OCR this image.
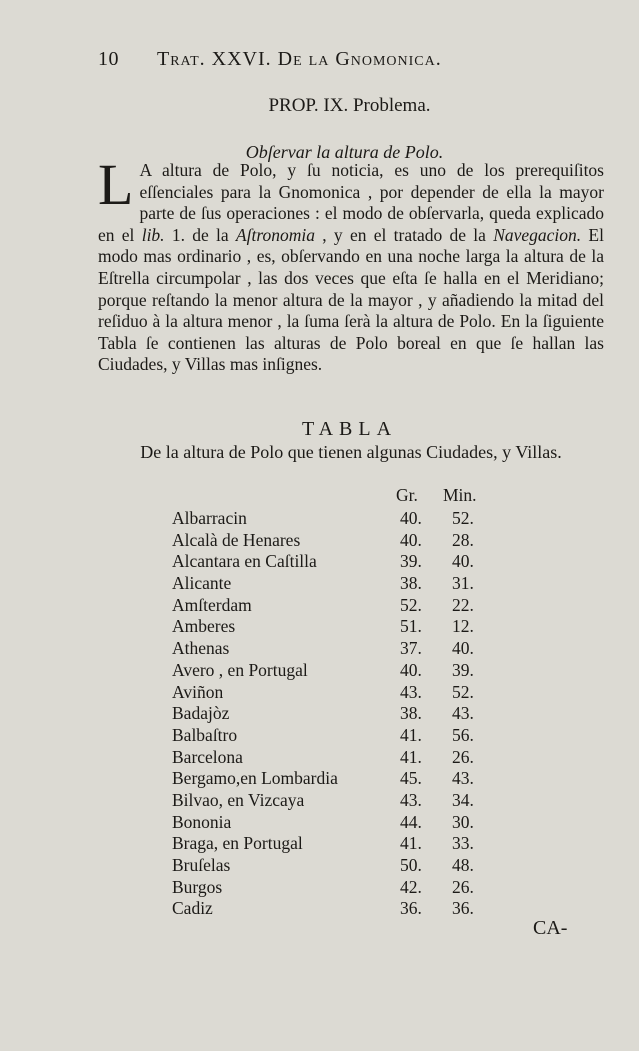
10 Trat. XXVI. De la Gnomonica.
PROP. IX. Problema.
Obſervar la altura de Polo.
L A altura de Polo, y ſu noticia, es uno de los prerequiſitos eſſenciales para la Gnomonica , por depender de ella la mayor parte de ſus operaciones : el modo de obſervarla, queda explicado en el lib. 1. de la Aſtronomia , y en el tratado de la Navegacion. El modo mas ordinario , es, obſervando en una noche larga la altura de la Eſtrella circumpolar , las dos veces que eſta ſe halla en el Meridiano; porque reſtando la menor altura de la mayor , y añadiendo la mitad del reſiduo à la altura menor , la ſuma ſerà la altura de Polo. En la ſiguiente Tabla ſe contienen las alturas de Polo boreal en que ſe hallan las Ciudades, y Villas mas inſignes.
TABLA
De la altura de Polo que tienen algunas Ciudades, y Villas.
Gr. Min.
Albarracin	40. 52.
Alcalà de Henares	40. 28.
Alcantara en Caſtilla	39. 40.
Alicante	38. 31.
Amſterdam	52. 22.
Amberes	51. 12.
Athenas	37. 40.
Avero , en Portugal	40. 39.
Aviñon	43. 52.
Badajòz	38. 43.
Balbaſtro	41. 56.
Barcelona	41. 26.
Bergamo,en Lombardia	45. 43.
Bilvao, en Vizcaya	43. 34.
Bononia	44. 30.
Braga, en Portugal	41. 33.
Bruſelas	50. 48.
Burgos	42. 26.
Cadiz	36. 36.
CA-
